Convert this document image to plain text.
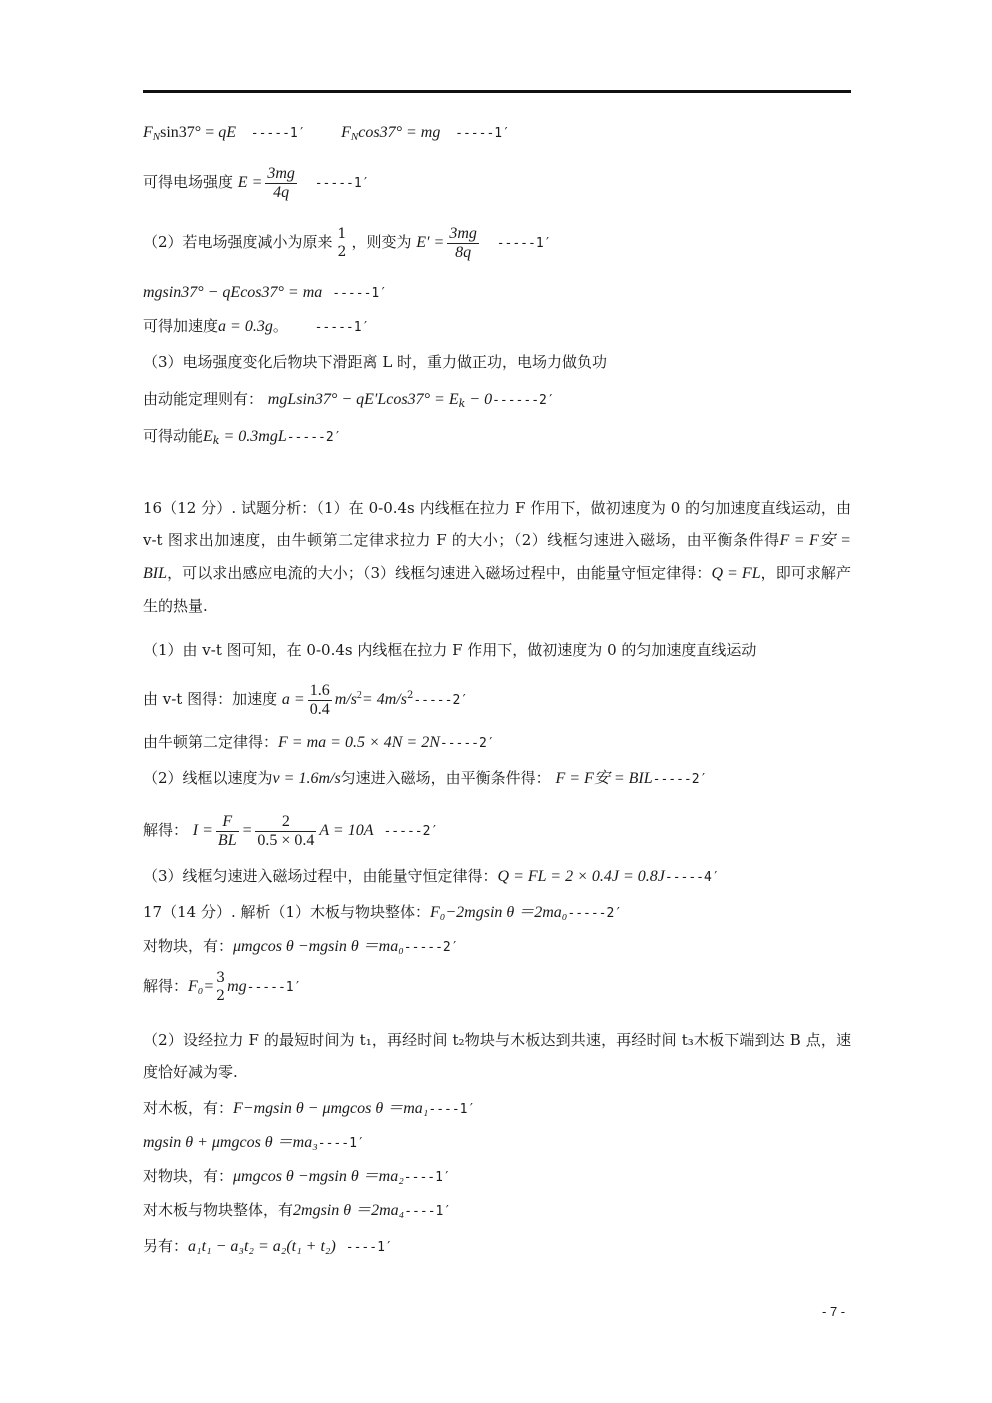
$F_N\sin 37^\circ$ = qE -----1′ $F_N\cos 37^\circ$ = mg -----1′
可得电场强度 $E = \frac{3mg}{4q} -----1'$
（2）若电场强度减小为原来 1
2
，则变为 $E' = \frac{3mg}{8q} -----1'$
mgsin37° − qEcos37° = ma -----1′
可得加速度a = 0.3g。 -----1′
（3）电场强度变化后物块下滑距离 L 时，重力做正功，电场力做负功
由动能定理则有： $mgLsin37^\circ - qE'Lcos37^\circ = E_k - 0------2'$
可得动能$E_k = 0.3mgL-----2'$
16（12 分）. 试题分析：（1）在 0-0.4s 内线框在拉力 F 作用下，做初速度为 0 的匀加速度直线运动，由 v-t 图求出加速度，由牛顿第二定律求拉力 F 的大小；（2）线框匀速进入磁场，由平衡条件得F = F安 = BIL，可以求出感应电流的大小；（3）线框匀速进入磁场过程中，由能量守恒定律得：Q = FL，即可求解产生的热量.
（1）由 v-t 图可知，在 0-0.4s 内线框在拉力 F 作用下，做初速度为 0 的匀加速度直线运动
由 v-t 图得：加速度 $a = \frac{1.6}{0.4} m/s^2= 4m/s^2-----2'$
由牛顿第二定律得：F = ma = 0.5 × 4N = 2N-----2′
（2）线框以速度为v = 1.6m/s匀速进入磁场，由平衡条件得： F = F安 = BIL-----2′
解得： $I = \frac{F}{BL} = \frac{2}{0.5 \times 0.4}$ A = 10A -----2′
（3）线框匀速进入磁场过程中，由能量守恒定律得：Q = FL = 2 × 0.4J = 0.8J-----4′
17（14 分）. 解析（1）木板与物块整体：F₀−2mgsin θ ＝2ma₀-----2′
对物块，有：μmgcos θ −mgsin θ ＝ma₀-----2′
解得：F₀= 3
2
mg-----1′
（2）设经拉力 F 的最短时间为 t₁，再经时间 t₂物块与木板达到共速，再经时间 t₃木板下端到达 B 点，速度恰好减为零.
对木板，有：F−mgsin θ − μmgcos θ ＝ma₁----1′
mgsin θ + μmgcos θ ＝ma₃----1′
对物块，有：μmgcos θ −mgsin θ ＝ma₂----1′
对木板与物块整体，有2mgsin θ ＝2ma₄----1′
另有：a₁t₁ − a₃t₂ = a₂(t₁ + t₂) ----1′
- 7 -
